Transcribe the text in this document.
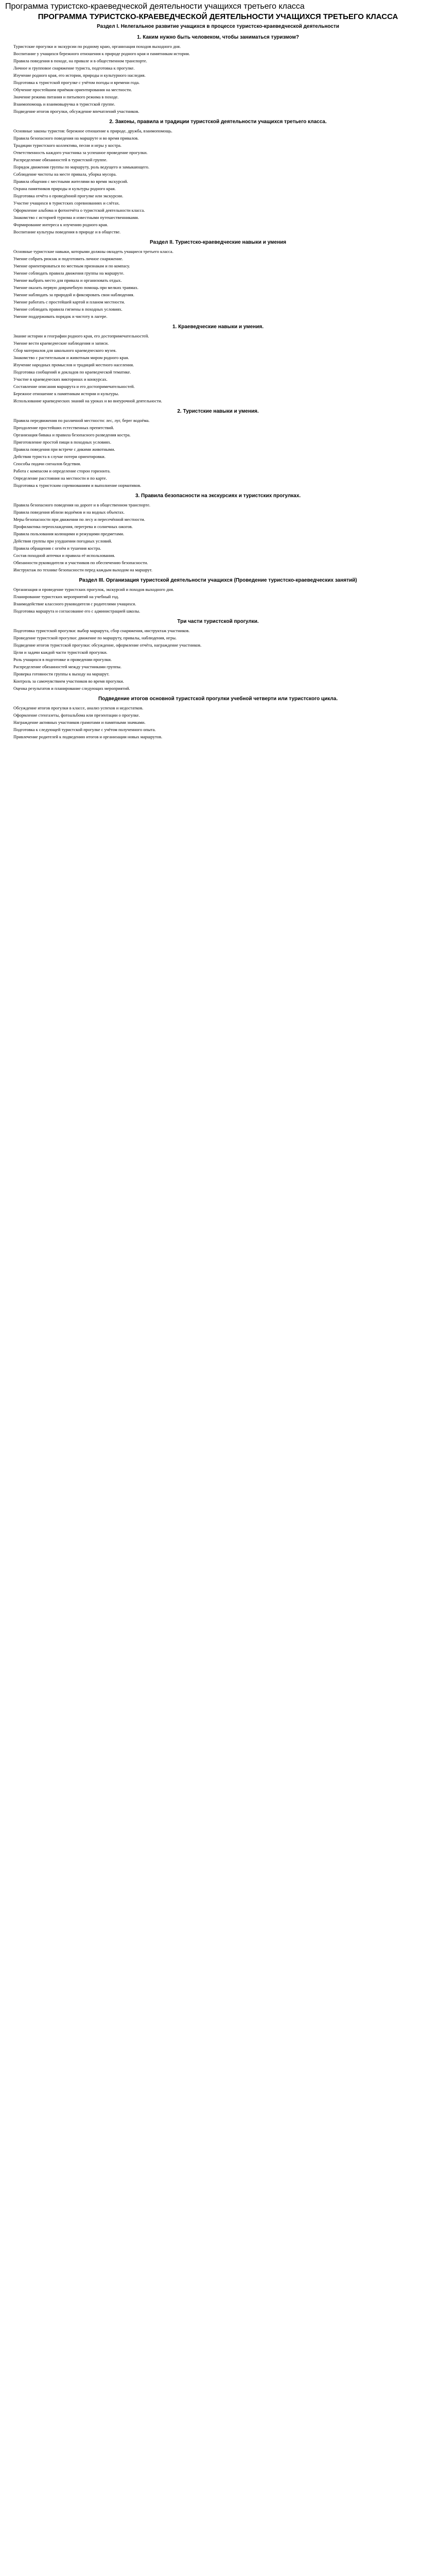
Программа туристско-краеведческой деятельности учащихся третьего класса
ПРОГРАММА ТУРИСТСКО-КРАЕВЕДЧЕСКОЙ ДЕЯТЕЛЬНОСТИ УЧАЩИХСЯ ТРЕТЬЕГО КЛАССА
Раздел I. Нелегальное развитие учащихся в процессе туристско-краеведческой деятельности
1. Каким нужно быть человеком, чтобы заниматься туризмом?

Туристские прогулки и экскурсии по родному краю, организация походов выходного дня.

Воспитание у учащихся бережного отношения к природе родного края и памятникам истории.

Правила поведения в походе, на привале и в общественном транспорте.

Личное и групповое снаряжение туриста, подготовка к прогулке.

Изучение родного края, его истории, природы и культурного наследия.

Подготовка к туристской прогулке с учётом погоды и времени года.

Обучение простейшим приёмам ориентирования на местности.

Значение режима питания и питьевого режима в походе.

Взаимопомощь и взаимовыручка в туристской группе.

Подведение итогов прогулки, обсуждение впечатлений участников.

2. Законы, правила и традиции туристской деятельности учащихся третьего класса.

Основные законы туристов: бережное отношение к природе, дружба, взаимопомощь.

Правила безопасного поведения на маршруте и во время привалов.

Традиции туристского коллектива, песни и игры у костра.

Ответственность каждого участника за успешное проведение прогулки.

Распределение обязанностей в туристской группе.

Порядок движения группы по маршруту, роль ведущего и замыкающего.

Соблюдение чистоты на месте привала, уборка мусора.

Правила общения с местными жителями во время экскурсий.

Охрана памятников природы и культуры родного края.

Подготовка отчёта о проведённой прогулке или экскурсии.

Участие учащихся в туристских соревнованиях и слётах.

Оформление альбома и фотоотчёта о туристской деятельности класса.

Знакомство с историей туризма и известными путешественниками.

Формирование интереса к изучению родного края.

Воспитание культуры поведения в природе и в обществе.

Раздел II. Туристско-краеведческие навыки и умения

Основные туристские навыки, которыми должны овладеть учащиеся третьего класса.

Умение собрать рюкзак и подготовить личное снаряжение.

Умение ориентироваться по местным признакам и по компасу.

Умение соблюдать правила движения группы на маршруте.

Умение выбрать место для привала и организовать отдых.

Умение оказать первую доврачебную помощь при мелких травмах.

Умение наблюдать за природой и фиксировать свои наблюдения.

Умение работать с простейшей картой и планом местности.

Умение соблюдать правила гигиены в походных условиях.

Умение поддерживать порядок и чистоту в лагере.

1. Краеведческие навыки и умения.

Знание истории и географии родного края, его достопримечательностей.

Умение вести краеведческие наблюдения и записи.

Сбор материалов для школьного краеведческого музея.

Знакомство с растительным и животным миром родного края.

Изучение народных промыслов и традиций местного населения.

Подготовка сообщений и докладов по краеведческой тематике.

Участие в краеведческих викторинах и конкурсах.

Составление описания маршрута и его достопримечательностей.

Бережное отношение к памятникам истории и культуры.

Использование краеведческих знаний на уроках и во внеурочной деятельности.

2. Туристские навыки и умения.

Правила передвижения по различной местности: лес, луг, берег водоёма.

Преодоление простейших естественных препятствий.

Организация бивака и правила безопасного разведения костра.

Приготовление простой пищи в походных условиях.

Правила поведения при встрече с дикими животными.

Действия туриста в случае потери ориентировки.

Способы подачи сигналов бедствия.

Работа с компасом и определение сторон горизонта.

Определение расстояния на местности и по карте.

Подготовка к туристским соревнованиям и выполнение нормативов.

3. Правила безопасности на экскурсиях и туристских прогулках.

Правила безопасного поведения на дороге и в общественном транспорте.

Правила поведения вблизи водоёмов и на водных объектах.

Меры безопасности при движении по лесу и пересечённой местности.

Профилактика переохлаждения, перегрева и солнечных ожогов.

Правила пользования колющими и режущими предметами.

Действия группы при ухудшении погодных условий.

Правила обращения с огнём и тушения костра.

Состав походной аптечки и правила её использования.

Обязанности руководителя и участников по обеспечению безопасности.

Инструктаж по технике безопасности перед каждым выходом на маршрут.

Раздел III. Организация туристской деятельности учащихся (Проведение туристско-краеведческих занятий)

Организация и проведение туристских прогулок, экскурсий и походов выходного дня.

Планирование туристских мероприятий на учебный год.

Взаимодействие классного руководителя с родителями учащихся.

Подготовка маршрута и согласование его с администрацией школы.

Три части туристской прогулки.

Подготовка туристской прогулки: выбор маршрута, сбор снаряжения, инструктаж участников.

Проведение туристской прогулки: движение по маршруту, привалы, наблюдения, игры.

Подведение итогов туристской прогулки: обсуждение, оформление отчёта, награждение участников.

Цели и задачи каждой части туристской прогулки.

Роль учащихся в подготовке и проведении прогулки.

Распределение обязанностей между участниками группы.

Проверка готовности группы к выходу на маршрут.

Контроль за самочувствием участников во время прогулки.

Оценка результатов и планирование следующих мероприятий.

Подведение итогов основной туристской прогулки учебной четверти или туристского цикла.

Обсуждение итогов прогулки в классе, анализ успехов и недостатков.

Оформление стенгазеты, фотоальбома или презентации о прогулке.

Награждение активных участников грамотами и памятными значками.

Подготовка к следующей туристской прогулке с учётом полученного опыта.

Привлечение родителей к подведению итогов и организации новых маршрутов.
